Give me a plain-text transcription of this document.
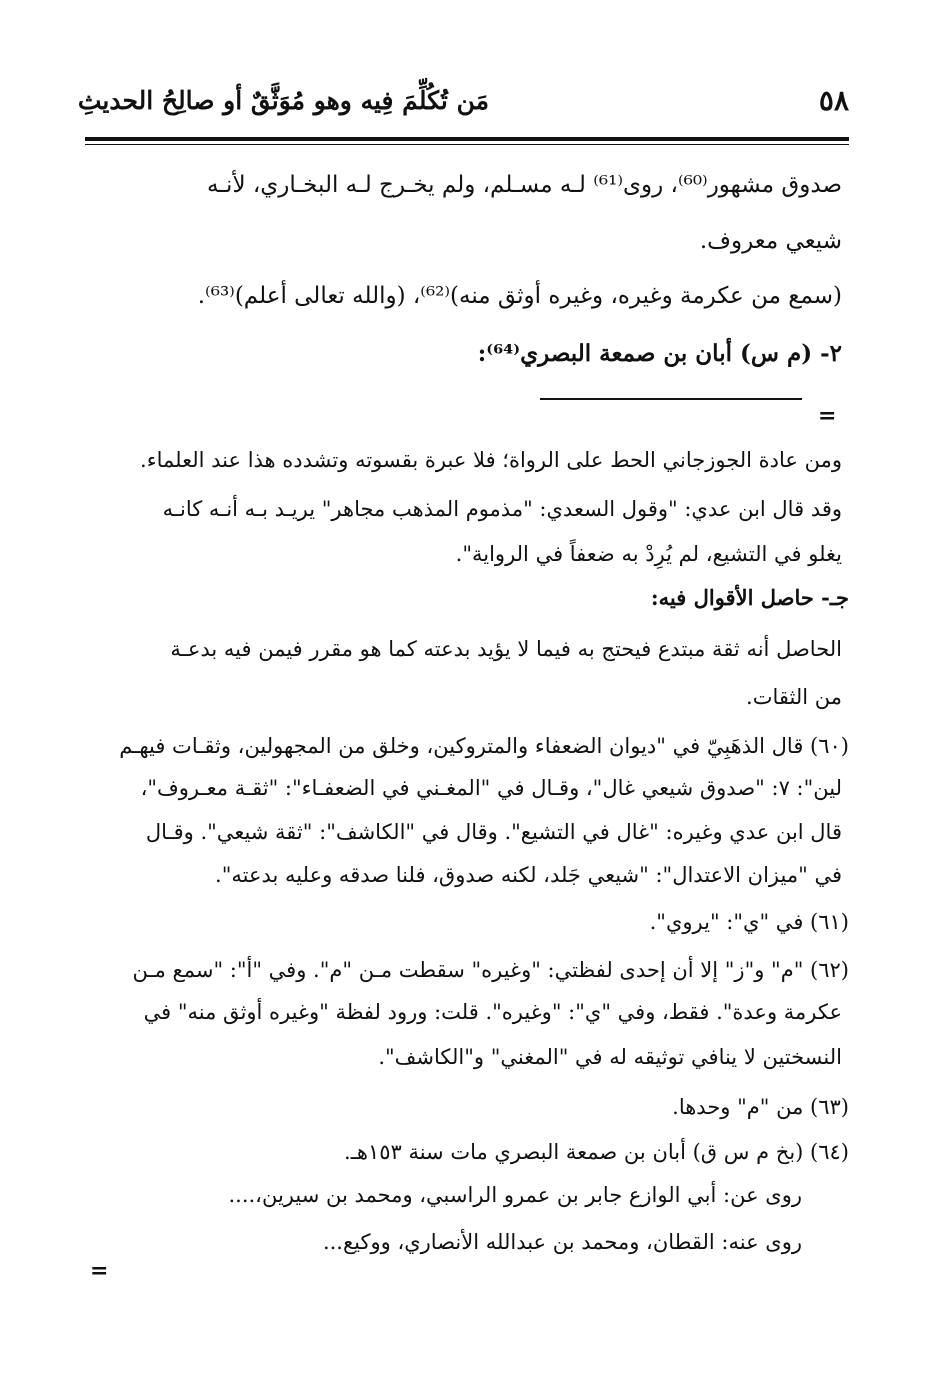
٥٨
مَن تُكُلِّمَ فِيه وهو مُوَثَّقٌ أو صالِحُ الحديثِ
صدوق مشهور⁽⁶⁰⁾، روى⁽⁶¹⁾ لـه مسـلم، ولم يخـرج لـه البخـاري، لأنـه
شيعي معروف.
(سمع من عكرمة وغيره، وغيره أوثق منه)⁽⁶²⁾، (والله تعالى أعلم)⁽⁶³⁾.
٢- (م س) أبان بن صمعة البصري⁽⁶⁴⁾:
=
ومن عادة الجوزجاني الحط على الرواة؛ فلا عبرة بقسوته وتشدده هذا عند العلماء.
وقد قال ابن عدي: "وقول السعدي: "مذموم المذهب مجاهر" يريـد بـه أنـه كانـه
يغلو في التشيع، لم يُرِدْ به ضعفاً في الرواية".
جـ- حاصل الأقوال فيه:
الحاصل أنه ثقة مبتدع فيحتج به فيما لا يؤيد بدعته كما هو مقرر فيمن فيه بدعـة
من الثقات.
(٦٠) قال الذهَبِيّ في "ديوان الضعفاء والمتروكين، وخلق من المجهولين، وثقـات فيهـم
لين": ٧: "صدوق شيعي غال"، وقـال في "المغـني في الضعفـاء": "ثقـة معـروف"،
قال ابن عدي وغيره: "غال في التشيع". وقال في "الكاشف": "ثقة شيعي". وقـال
في "ميزان الاعتدال": "شيعي جَلد، لكنه صدوق، فلنا صدقه وعليه بدعته".
(٦١) في "ي": "يروي".
(٦٢) "م" و"ز" إلا أن إحدى لفظتي: "وغيره" سقطت مـن "م". وفي "أ": "سمع مـن
عكرمة وعدة". فقط، وفي "ي": "وغيره". قلت: ورود لفظة "وغيره أوثق منه" في
النسختين لا ينافي توثيقه له في "المغني" و"الكاشف".
(٦٣) من "م" وحدها.
(٦٤) (بخ م س ق) أبان بن صمعة البصري مات سنة ١٥٣هـ.
روى عن: أبي الوازع جابر بن عمرو الراسبي، ومحمد بن سيرين،....
روى عنه: القطان، ومحمد بن عبدالله الأنصاري، ووكيع...
=
